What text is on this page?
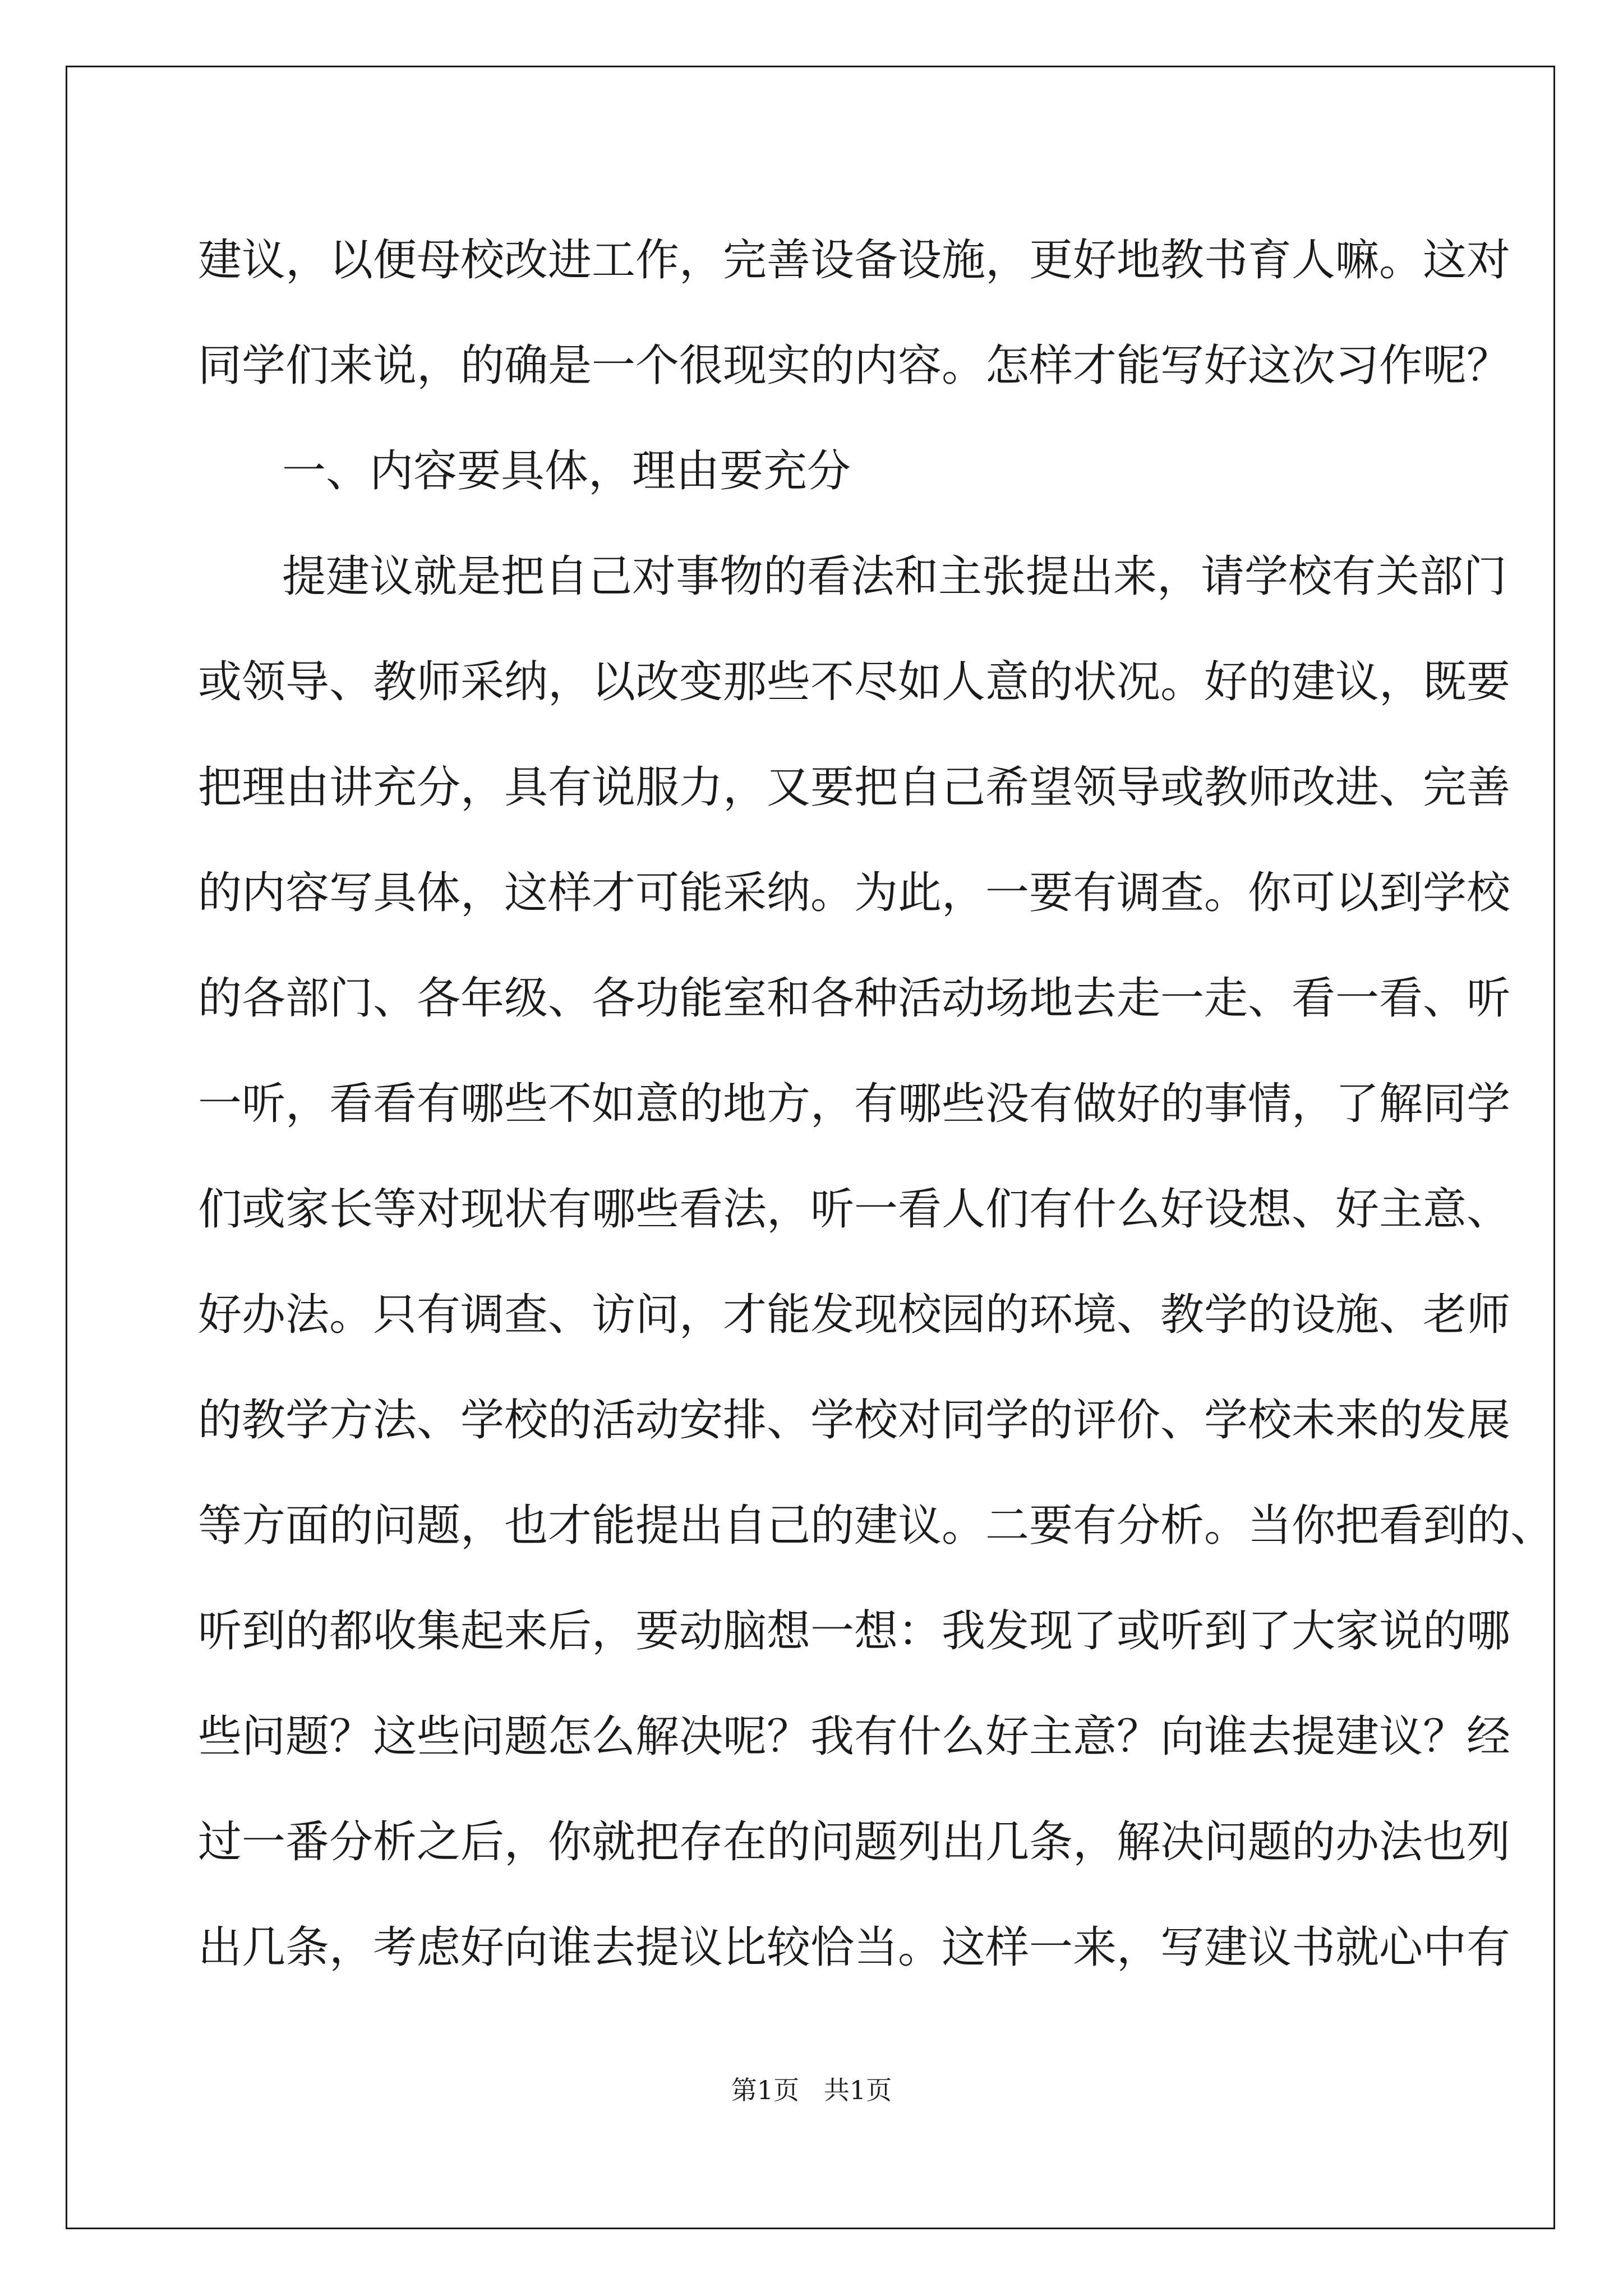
建议，以便母校改进工作，完善设备设施，更好地教书育人嘛。这对
同学们来说，的确是一个很现实的内容。怎样才能写好这次习作呢？
一、内容要具体，理由要充分
提建议就是把自己对事物的看法和主张提出来，请学校有关部门
或领导、教师采纳，以改变那些不尽如人意的状况。好的建议，既要
把理由讲充分，具有说服力，又要把自己希望领导或教师改进、完善
的内容写具体，这样才可能采纳。为此，一要有调查。你可以到学校
的各部门、各年级、各功能室和各种活动场地去走一走、看一看、听
一听，看看有哪些不如意的地方，有哪些没有做好的事情，了解同学
们或家长等对现状有哪些看法，听一看人们有什么好设想、好主意、
好办法。只有调查、访问，才能发现校园的环境、教学的设施、老师
的教学方法、学校的活动安排、学校对同学的评价、学校未来的发展
等方面的问题，也才能提出自己的建议。二要有分析。当你把看到的、
听到的都收集起来后，要动脑想一想：我发现了或听到了大家说的哪
些问题？这些问题怎么解决呢？我有什么好主意？向谁去提建议？经
过一番分析之后，你就把存在的问题列出几条，解决问题的办法也列
出几条，考虑好向谁去提议比较恰当。这样一来，写建议书就心中有
第1页   共1页
